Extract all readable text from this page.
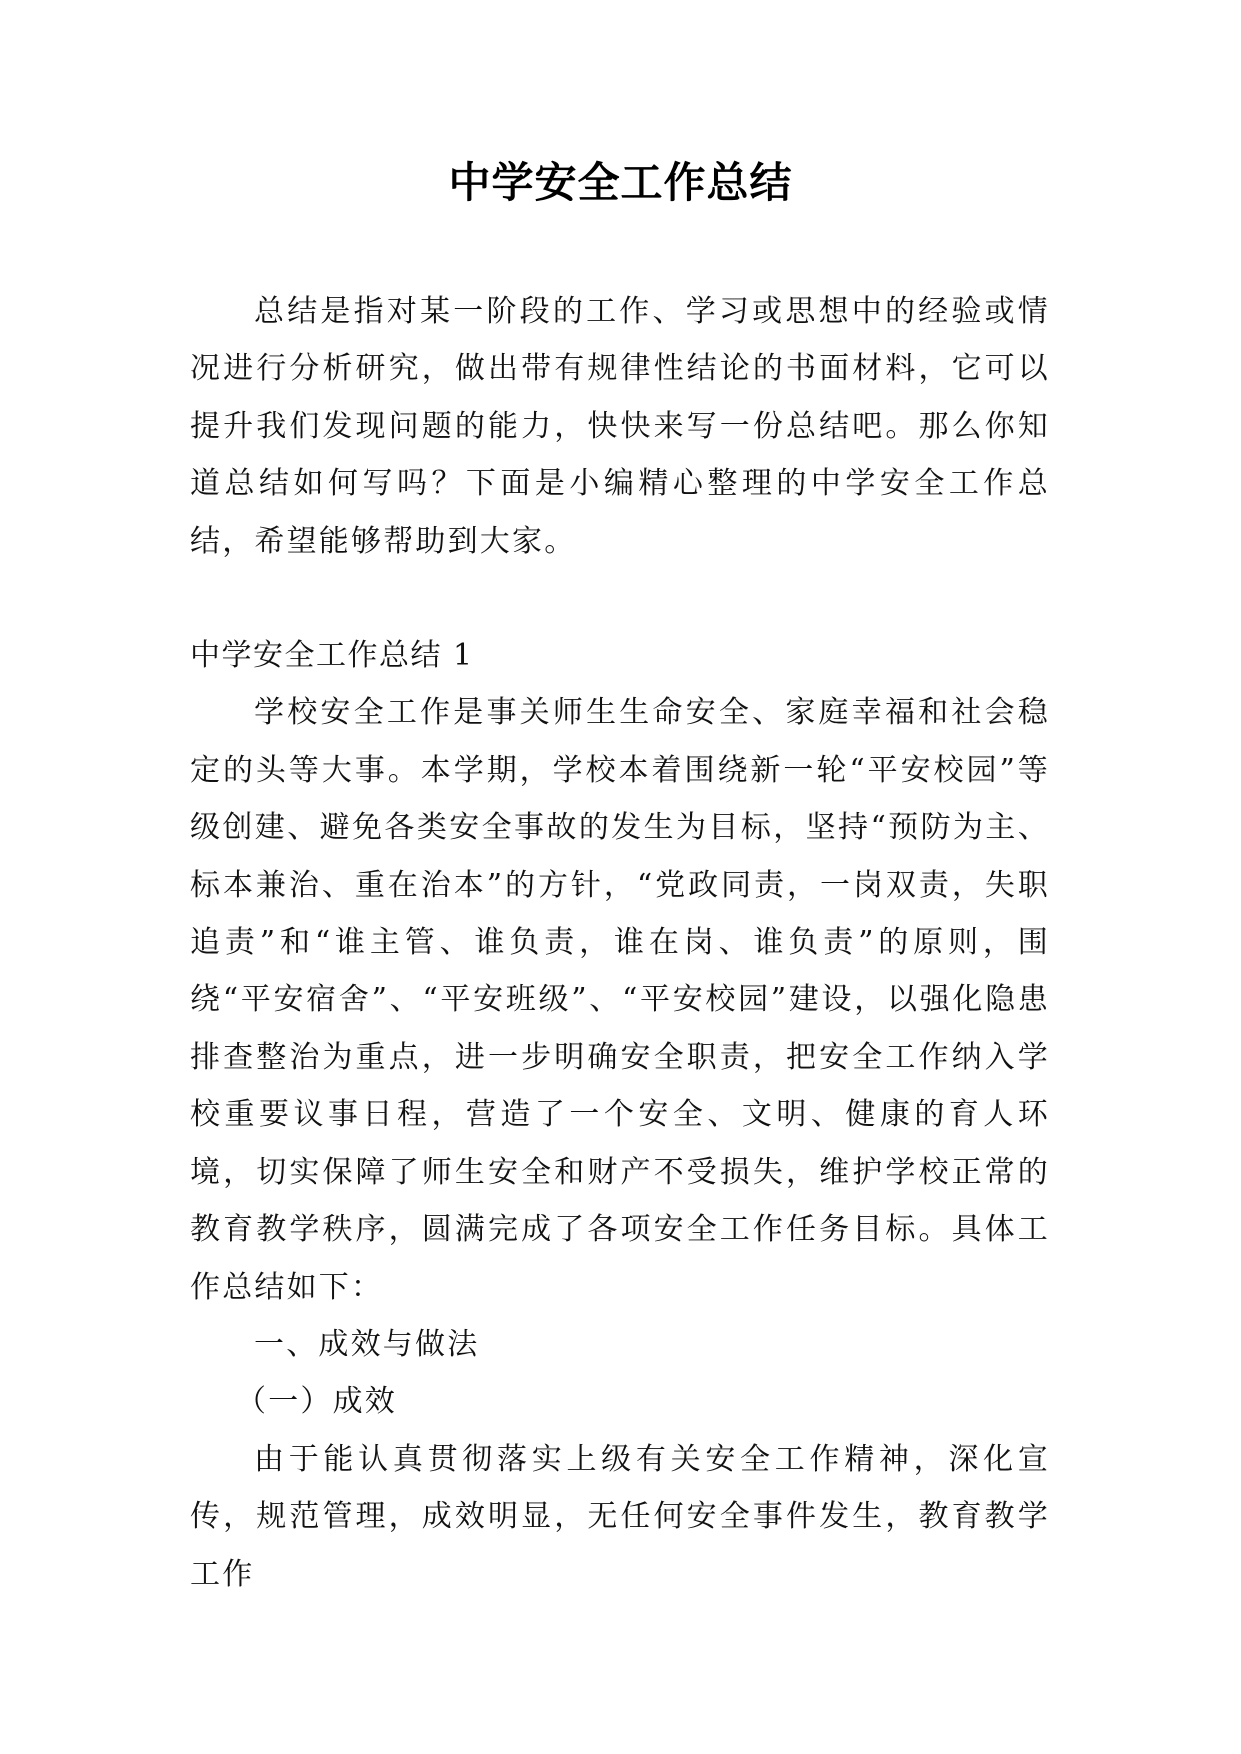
中学安全工作总结

总结是指对某一阶段的工作、学习或思想中的经验或情况进行分析研究，做出带有规律性结论的书面材料，它可以提升我们发现问题的能力，快快来写一份总结吧。那么你知道总结如何写吗？下面是小编精心整理的中学安全工作总结，希望能够帮助到大家。

中学安全工作总结 1

学校安全工作是事关师生生命安全、家庭幸福和社会稳定的头等大事。本学期，学校本着围绕新一轮“平安校园”等级创建、避免各类安全事故的发生为目标，坚持“预防为主、标本兼治、重在治本”的方针，“党政同责，一岗双责，失职追责”和“谁主管、谁负责，谁在岗、谁负责”的原则，围绕“平安宿舍”、“平安班级”、“平安校园”建设，以强化隐患排查整治为重点，进一步明确安全职责，把安全工作纳入学校重要议事日程，营造了一个安全、文明、健康的育人环境，切实保障了师生安全和财产不受损失，维护学校正常的教育教学秩序，圆满完成了各项安全工作任务目标。具体工作总结如下：

一、成效与做法

（一）成效

由于能认真贯彻落实上级有关安全工作精神，深化宣传，规范管理，成效明显，无任何安全事件发生，教育教学工作
